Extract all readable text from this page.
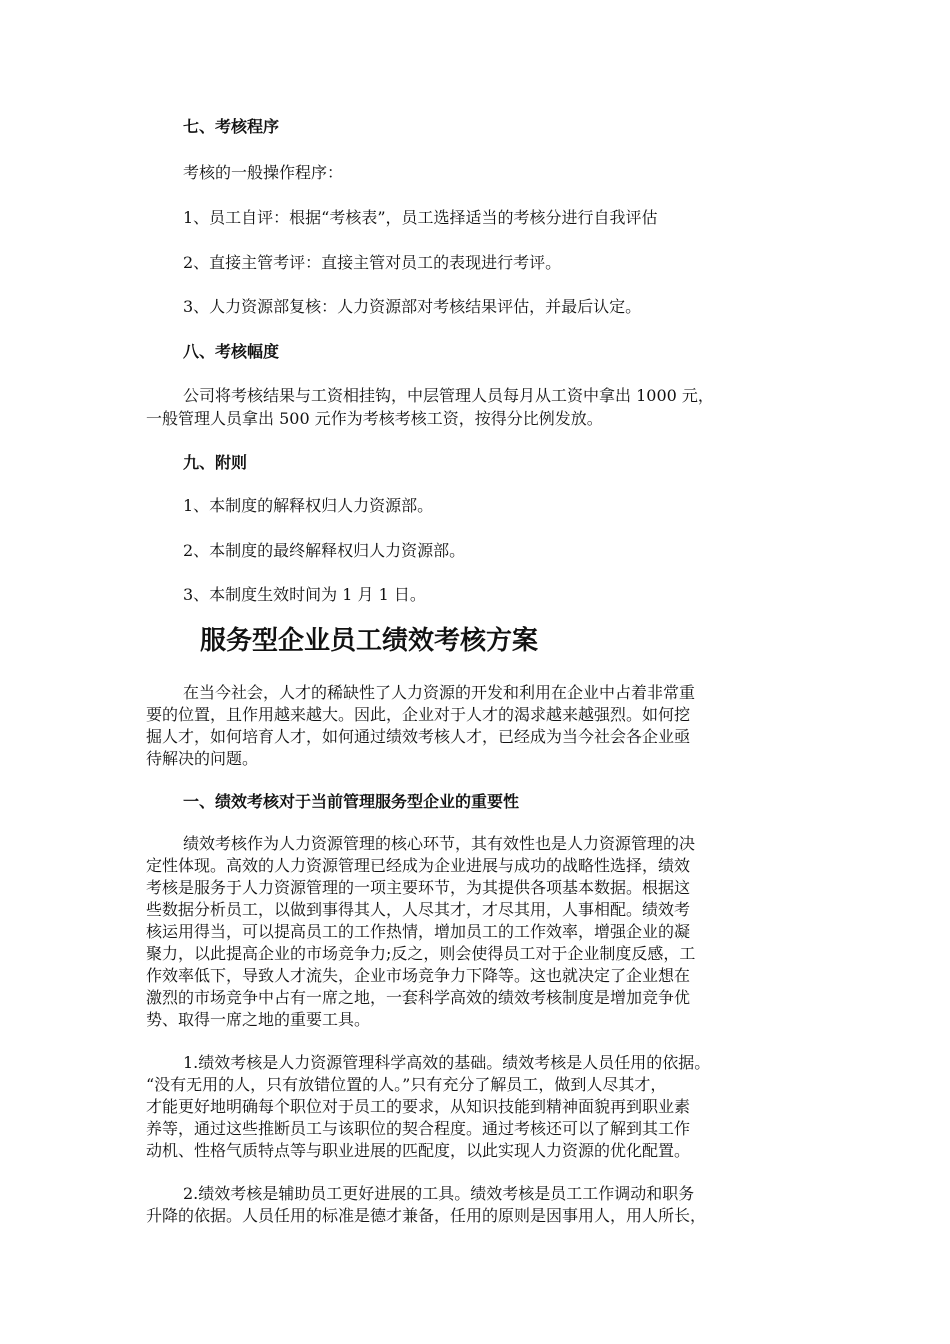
七、考核程序

考核的一般操作程序：

1、员工自评：根据“考核表”，员工选择适当的考核分进行自我评估

2、直接主管考评：直接主管对员工的表现进行考评。

3、人力资源部复核：人力资源部对考核结果评估，并最后认定。

八、考核幅度

公司将考核结果与工资相挂钩，中层管理人员每月从工资中拿出 1000 元，

一般管理人员拿出 500 元作为考核考核工资，按得分比例发放。

九、附则

1、本制度的解释权归人力资源部。

2、本制度的最终解释权归人力资源部。

3、本制度生效时间为 1 月 1 日。

服务型企业员工绩效考核方案

在当今社会，人才的稀缺性了人力资源的开发和利用在企业中占着非常重
要的位置，且作用越来越大。因此，企业对于人才的渴求越来越强烈。如何挖
掘人才，如何培育人才，如何通过绩效考核人才，已经成为当今社会各企业亟
待解决的问题。

一、绩效考核对于当前管理服务型企业的重要性

绩效考核作为人力资源管理的核心环节，其有效性也是人力资源管理的决
定性体现。高效的人力资源管理已经成为企业进展与成功的战略性选择，绩效
考核是服务于人力资源管理的一项主要环节，为其提供各项基本数据。根据这
些数据分析员工，以做到事得其人，人尽其才，才尽其用，人事相配。绩效考
核运用得当，可以提高员工的工作热情，增加员工的工作效率，增强企业的凝
聚力，以此提高企业的市场竞争力;反之，则会使得员工对于企业制度反感，工
作效率低下，导致人才流失，企业市场竞争力下降等。这也就决定了企业想在
激烈的市场竞争中占有一席之地，一套科学高效的绩效考核制度是增加竞争优
势、取得一席之地的重要工具。
1.绩效考核是人力资源管理科学高效的基础。绩效考核是人员任用的依据。
“没有无用的人，只有放错位置的人。”只有充分了解员工，做到人尽其才，
才能更好地明确每个职位对于员工的要求，从知识技能到精神面貌再到职业素
养等，通过这些推断员工与该职位的契合程度。通过考核还可以了解到其工作
动机、性格气质特点等与职业进展的匹配度，以此实现人力资源的优化配置。
2.绩效考核是辅助员工更好进展的工具。绩效考核是员工工作调动和职务
升降的依据。人员任用的标准是德才兼备，任用的原则是因事用人，用人所长，
